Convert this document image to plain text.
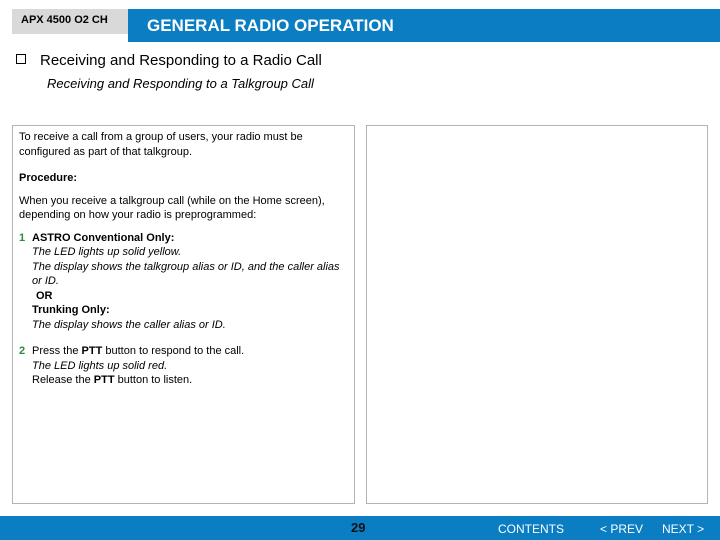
APX 4500 O2 CH	GENERAL RADIO OPERATION
Receiving and Responding to a Radio Call
Receiving and Responding to a Talkgroup Call

To receive a call from a group of users, your radio must be configured as part of that talkgroup.

Procedure:

When you receive a talkgroup call (while on the Home screen), depending on how your radio is preprogrammed:

1 ASTRO Conventional Only:
The LED lights up solid yellow.
The display shows the talkgroup alias or ID, and the caller alias or ID.
OR
Trunking Only:
The display shows the caller alias or ID.
2 Press the PTT button to respond to the call.
The LED lights up solid red.
Release the PTT button to listen.
29	CONTENTS	< PREV NEXT >
